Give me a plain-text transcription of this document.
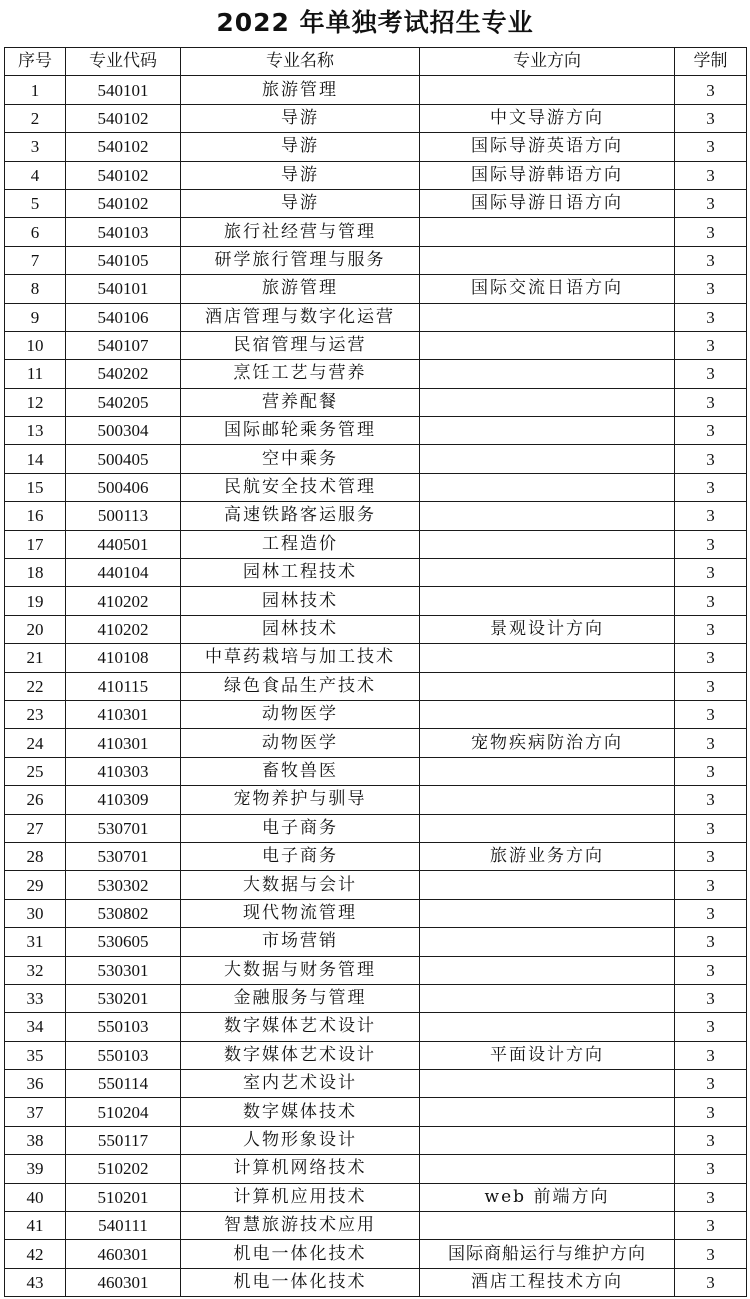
2022 年单独考试招生专业
序号	专业代码	专业名称	专业方向	学制
1	540101	旅游管理		3
2	540102	导游	中文导游方向	3
3	540102	导游	国际导游英语方向	3
4	540102	导游	国际导游韩语方向	3
5	540102	导游	国际导游日语方向	3
6	540103	旅行社经营与管理		3
7	540105	研学旅行管理与服务		3
8	540101	旅游管理	国际交流日语方向	3
9	540106	酒店管理与数字化运营		3
10	540107	民宿管理与运营		3
11	540202	烹饪工艺与营养		3
12	540205	营养配餐		3
13	500304	国际邮轮乘务管理		3
14	500405	空中乘务		3
15	500406	民航安全技术管理		3
16	500113	高速铁路客运服务		3
17	440501	工程造价		3
18	440104	园林工程技术		3
19	410202	园林技术		3
20	410202	园林技术	景观设计方向	3
21	410108	中草药栽培与加工技术		3
22	410115	绿色食品生产技术		3
23	410301	动物医学		3
24	410301	动物医学	宠物疾病防治方向	3
25	410303	畜牧兽医		3
26	410309	宠物养护与驯导		3
27	530701	电子商务		3
28	530701	电子商务	旅游业务方向	3
29	530302	大数据与会计		3
30	530802	现代物流管理		3
31	530605	市场营销		3
32	530301	大数据与财务管理		3
33	530201	金融服务与管理		3
34	550103	数字媒体艺术设计		3
35	550103	数字媒体艺术设计	平面设计方向	3
36	550114	室内艺术设计		3
37	510204	数字媒体技术		3
38	550117	人物形象设计		3
39	510202	计算机网络技术		3
40	510201	计算机应用技术	web 前端方向	3
41	540111	智慧旅游技术应用		3
42	460301	机电一体化技术	国际商船运行与维护方向	3
43	460301	机电一体化技术	酒店工程技术方向	3
